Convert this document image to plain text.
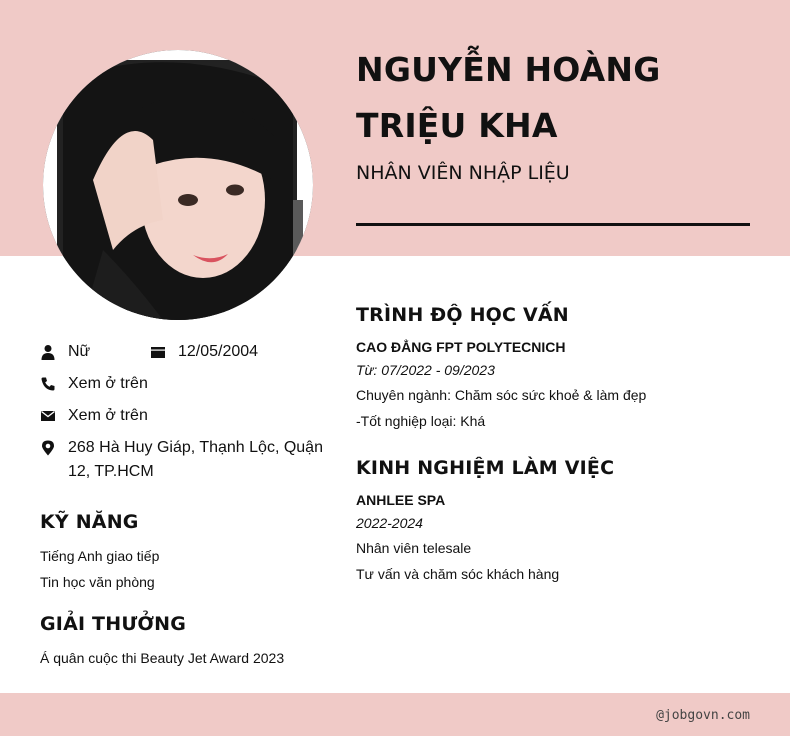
NGUYỄN HOÀNG TRIỆU KHA
NHÂN VIÊN NHẬP LIỆU
Nữ	12/05/2004
Xem ở trên
Xem ở trên
268 Hà Huy Giáp, Thạnh Lộc, Quận 12, TP.HCM
KỸ NĂNG
Tiếng Anh giao tiếp
Tin học văn phòng
GIẢI THƯỞNG
Á quân cuộc thi Beauty Jet Award 2023
TRÌNH ĐỘ HỌC VẤN
CAO ĐẲNG FPT POLYTECNICH
Từ: 07/2022 - 09/2023
Chuyên ngành: Chăm sóc sức khoẻ & làm đẹp
-Tốt nghiệp loại: Khá
KINH NGHIỆM LÀM VIỆC
ANHLEE SPA
2022-2024
Nhân viên telesale
Tư vấn và chăm sóc khách hàng
@jobgovn.com
